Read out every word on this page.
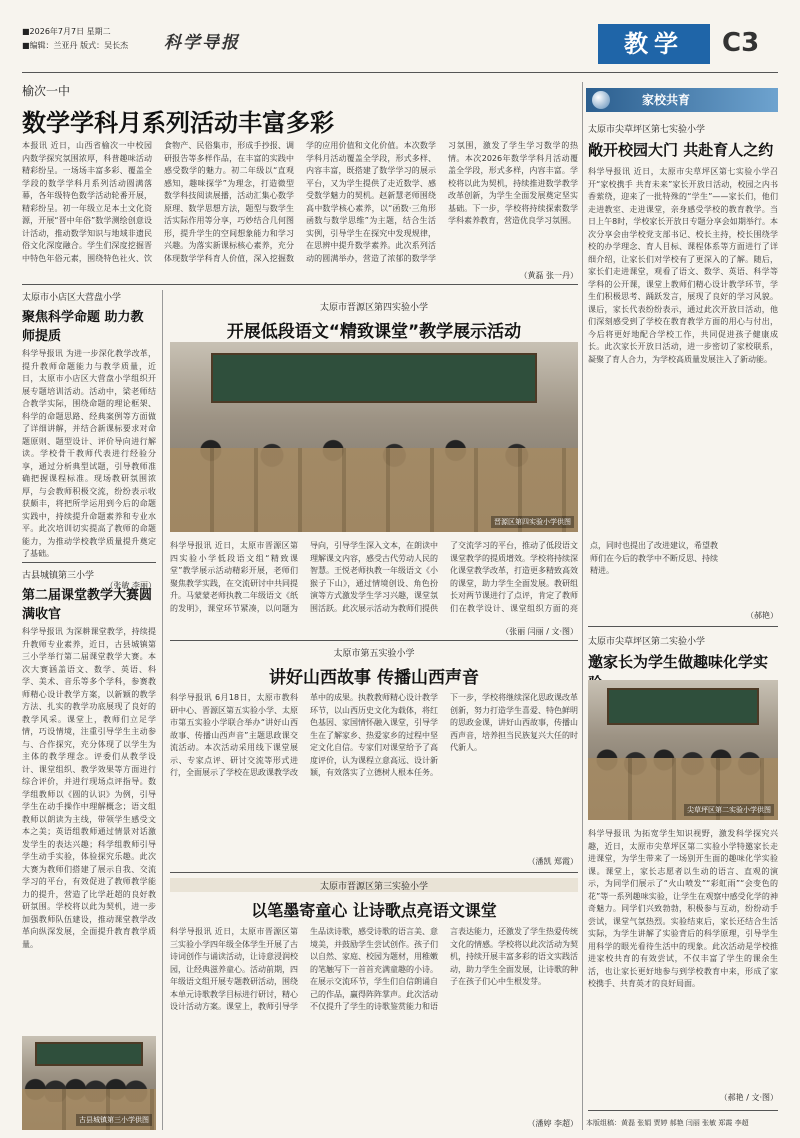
■2026年7月7日 星期二
■编辑：兰亚丹 版式：吴长杰 科学导报	教学	C3
榆次一中
数学学科月系列活动丰富多彩
本报讯 近日，山西省榆次一中校园内数学探究氛围浓厚，科普趣味活动精彩纷呈。一场场丰富多彩、覆盖全学段的数学学科月系列活动圆满落幕，各年级特色数学活动轮番开展，精彩纷呈。初一年级立足本土文化资源，开展“晋中年俗”数学测绘创意设计活动，推动数学知识与地域非遗民俗文化深度融合。学生们深度挖掘晋中特色年俗元素，围绕特色社火、饮食物产、民俗集市，形成手抄报、调研报告等多样作品，在丰富的实践中感受数学的魅力。初二年级以“直观感知，趣味探学”为理念，打造微型数学科技阅读展播，活动汇集心数学原理、数学思想方法，题型与数学生活实际作用等分享，巧妙结合几何图形，提升学生的空间想象能力和学习兴趣。为落实新课标核心素养，充分体现数学学科育人价值，深入挖掘数学的应用价值和文化价值。本次数学学科月活动覆盖全学段，形式多样、内容丰富，既搭建了数学学习的展示平台，又为学生提供了走近数学、感受数学魅力的契机。赵新慧老师围绕高中数学核心素养，以“函数·三角形函数与数学思维”为主题，结合生活实例，引导学生在探究中发现规律，在思辨中提升数学素养。此次系列活动的圆满举办，营造了浓郁的数学学习氛围，激发了学生学习数学的热情。本次2026年数学学科月活动覆盖全学段，形式多样，内容丰富。学校将以此为契机，持续推进数学教学改革创新，为学生全面发展奠定坚实基础。下一步，学校将持续探索数学学科素养教育，营造优良学习氛围。
（黄磊 张一丹）
太原市小店区大营盘小学
聚焦科学命题 助力教师提质
科学导报讯 为进一步深化教学改革，提升教师命题能力与教学质量，近日，太原市小店区大营盘小学组织开展专题培训活动。活动中，梁老师结合教学实际，围绕命题的理论框架、科学的命题思路、经典案例等方面做了详细讲解，并结合新课标要求对命题原则、题型设计、评价导向进行解读。学校骨干教师代表进行经验分享，通过分析典型试题，引导教师准确把握课程标准。现场教研氛围浓厚，与会教师积极交流，纷纷表示收获颇丰，将把所学运用到今后的命题实践中，持续提升命题素养和专业水平。此次培训切实提高了教师的命题能力，为推动学校教学质量提升奠定了基础。
（张敏 李丽）
古县城镇第三小学
第二届课堂教学大赛圆满收官
科学导报讯 为深耕课堂教学，持续提升教师专业素养，近日，古县城镇第三小学举行第二届课堂教学大赛。本次大赛涵盖语文、数学、英语、科学、美术、音乐等多个学科，参赛教师精心设计教学方案，以新颖的教学方法、扎实的教学功底展现了良好的教学风采。课堂上，教师们立足学情，巧设情境，注重引导学生主动参与、合作探究，充分体现了以学生为主体的教学理念。评委们从教学设计、课堂组织、教学效果等方面进行综合评价，并进行现场点评指导。数学组教师以《圆的认识》为例，引导学生在动手操作中理解概念；语文组教师以朗读为主线，带领学生感受文本之美；英语组教师通过情景对话激发学生的表达兴趣；科学组教师引导学生动手实验，体验探究乐趣。此次大赛为教师们搭建了展示自我、交流学习的平台，有效促进了教师教学能力的提升，营造了比学赶超的良好教研氛围。学校将以此为契机，进一步加强教师队伍建设，推动课堂教学改革向纵深发展，全面提升教育教学质量。
古县城镇第三小学供图
太原市晋源区第四实验小学
开展低段语文“精致课堂”教学展示活动
晋源区第四实验小学供图
科学导报讯 近日，太原市晋源区第四实验小学低段语文组“精致课堂”教学展示活动精彩开展，老师们聚焦教学实践，在交流研讨中共同提升。马蒙蒙老师执教二年级语文《纸的发明》，课堂环节紧凑，以问题为导向，引导学生深入文本，在朗读中理解课文内容，感受古代劳动人民的智慧。王悦老师执教一年级语文《小猴子下山》，通过情境创设、角色扮演等方式激发学生学习兴趣，课堂氛围活跃。此次展示活动为教师们提供了交流学习的平台，推动了低段语文课堂教学的提质增效。学校将持续深化课堂教学改革，打造更多精致高效的课堂，助力学生全面发展。教研组长对两节课进行了点评，肯定了教师们在教学设计、课堂组织方面的亮点，同时也提出了改进建议，希望教师们在今后的教学中不断反思、持续精进。
（张丽 闫丽 / 文·图）
太原市第五实验小学
讲好山西故事 传播山西声音
科学导报讯 6月18日，太原市教科研中心、晋源区第五实验小学、太原市第五实验小学联合举办“讲好山西故事、传播山西声音”主题思政课交流活动。本次活动采用线下课堂展示、专家点评、研讨交流等形式进行，全面展示了学校在思政课教学改革中的成果。执教教师精心设计教学环节，以山西历史文化为载体，将红色基因、家国情怀融入课堂，引导学生在了解家乡、热爱家乡的过程中坚定文化自信。专家们对课堂给予了高度评价，认为课程立意高远、设计新颖，有效落实了立德树人根本任务。下一步，学校将继续深化思政课改革创新，努力打造学生喜爱、特色鲜明的思政金课，讲好山西故事，传播山西声音，培养担当民族复兴大任的时代新人。
（潘凯 郑霞）
太原市晋源区第三实验小学
以笔墨寄童心 让诗歌点亮语文课堂
科学导报讯 近日，太原市晋源区第三实验小学四年级全体学生开展了古诗词创作与诵读活动，让诗意浸润校园，让经典滋养童心。活动前期，四年级语文组开展专题教研活动，围绕本单元诗歌教学目标进行研讨，精心设计活动方案。课堂上，教师引导学生品读诗歌，感受诗歌的语言美、意境美，并鼓励学生尝试创作。孩子们以自然、家庭、校园为题材，用稚嫩的笔触写下一首首充满童趣的小诗。在展示交流环节，学生们自信朗诵自己的作品，赢得阵阵掌声。此次活动不仅提升了学生的诗歌鉴赏能力和语言表达能力，还激发了学生热爱传统文化的情感。学校将以此次活动为契机，持续开展丰富多彩的语文实践活动，助力学生全面发展，让诗歌的种子在孩子们心中生根发芽。
（潘婷 李超）
家校共育
太原市尖草坪区第七实验小学
敞开校园大门 共赴育人之约
科学导报讯 近日，太原市尖草坪区第七实验小学召开“家校携手 共育未来”家长开放日活动，校园之内书香萦绕，迎来了一批特殊的“学生”——家长们，他们走进教室、走进课堂，亲身感受学校的教育教学。当日上午8时，学校家长开放日专题分享会如期举行。本次分享会由学校党支部书记、校长主持，校长围绕学校的办学理念、育人目标、课程体系等方面进行了详细介绍，让家长们对学校有了更深入的了解。随后，家长们走进课堂，观看了语文、数学、英语、科学等学科的公开课，课堂上教师们精心设计教学环节，学生们积极思考、踊跃发言，展现了良好的学习风貌。课后，家长代表纷纷表示，通过此次开放日活动，他们深刻感受到了学校在教育教学方面的用心与付出，今后将更好地配合学校工作，共同促进孩子健康成长。此次家长开放日活动，进一步密切了家校联系，凝聚了育人合力，为学校高质量发展注入了新动能。
（郝艳）
太原市尖草坪区第二实验小学
邀家长为学生做趣味化学实
尖草坪区第二实验小学供图
科学导报讯 为拓宽学生知识视野，激发科学探究兴趣，近日，太原市尖草坪区第二实验小学特邀家长走进课堂，为学生带来了一场别开生面的趣味化学实验课。课堂上，家长志愿者以生动的语言、直观的演示，为同学们展示了“火山喷发”“彩虹雨”“会变色的花”等一系列趣味实验，让学生在观察中感受化学的神奇魅力。同学们兴致勃勃，积极参与互动，纷纷动手尝试，课堂气氛热烈。实验结束后，家长还结合生活实际，为学生讲解了实验背后的科学原理，引导学生用科学的眼光看待生活中的现象。此次活动是学校推进家校共育的有效尝试，不仅丰富了学生的课余生活，也让家长更好地参与到学校教育中来，形成了家校携手、共育英才的良好局面。
（郝艳 / 文·图）
本版组稿：黄磊 张娟 贾婷 郝艳 闫丽 张敏 郑霞 李超
